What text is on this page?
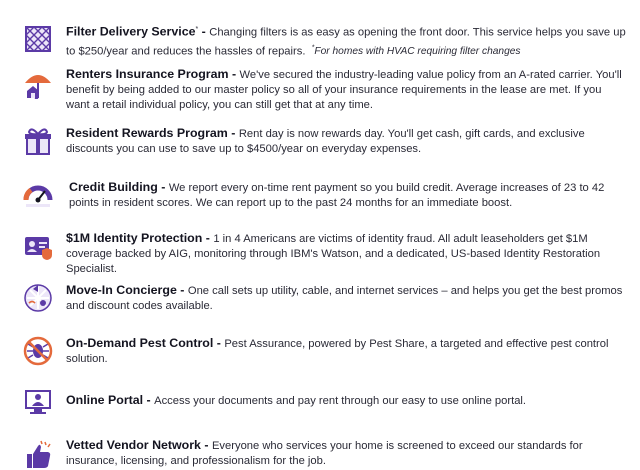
Filter Delivery Service* - Changing filters is as easy as opening the front door. This service helps you save up to $250/year and reduces the hassles of repairs. *For homes with HVAC requiring filter changes
Renters Insurance Program - We've secured the industry-leading value policy from an A-rated carrier. You'll benefit by being added to our master policy so all of your insurance requirements in the lease are met. If you want a retail individual policy, you can still get that at any time.
Resident Rewards Program - Rent day is now rewards day. You'll get cash, gift cards, and exclusive discounts you can use to save up to $4500/year on everyday expenses.
Credit Building - We report every on-time rent payment so you build credit. Average increases of 23 to 42 points in resident scores. We can report up to the past 24 months for an immediate boost.
$1M Identity Protection - 1 in 4 Americans are victims of identity fraud. All adult leaseholders get $1M coverage backed by AIG, monitoring through IBM's Watson, and a dedicated, US-based Identity Restoration Specialist.
Move-In Concierge - One call sets up utility, cable, and internet services – and helps you get the best promos and discount codes available.
On-Demand Pest Control - Pest Assurance, powered by Pest Share, a targeted and effective pest control solution.
Online Portal - Access your documents and pay rent through our easy to use online portal.
Vetted Vendor Network - Everyone who services your home is screened to exceed our standards for insurance, licensing, and professionalism for the job.
